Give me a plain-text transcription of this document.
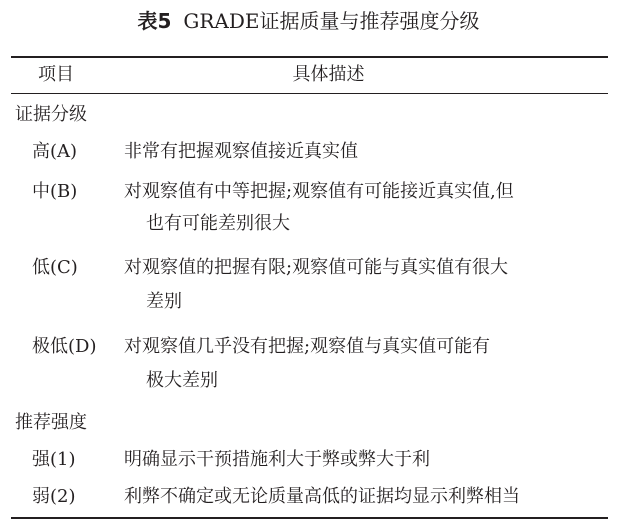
表5 GRADE证据质量与推荐强度分级
项目	具体描述
证据分级
高(A)	非常有把握观察值接近真实值
中(B)	对观察值有中等把握;观察值有可能接近真实值,但
也有可能差别很大
低(C)	对观察值的把握有限;观察值可能与真实值有很大
差别
极低(D) 对观察值几乎没有把握;观察值与真实值可能有
极大差别
推荐强度
强(1)	明确显示干预措施利大于弊或弊大于利
弱(2)	利弊不确定或无论质量高低的证据均显示利弊相当
